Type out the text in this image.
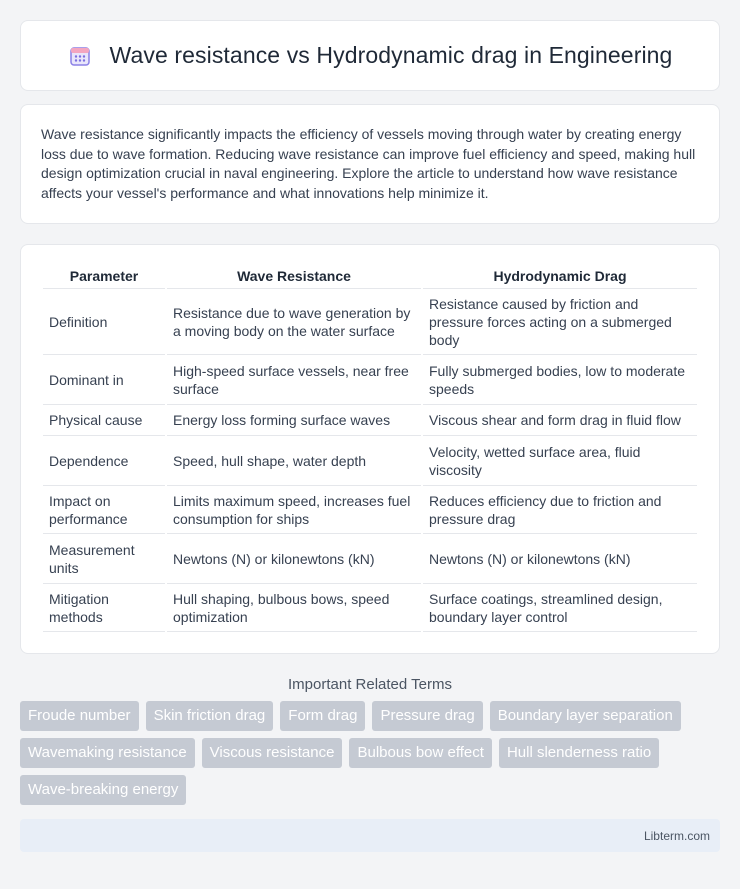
Wave resistance vs Hydrodynamic drag in Engineering

Wave resistance significantly impacts the efficiency of vessels moving through water by creating energy loss due to wave formation. Reducing wave resistance can improve fuel efficiency and speed, making hull design optimization crucial in naval engineering. Explore the article to understand how wave resistance affects your vessel's performance and what innovations help minimize it.

Parameter	Wave Resistance	Hydrodynamic Drag
Definition	Resistance due to wave generation by a moving body on the water surface	Resistance caused by friction and pressure forces acting on a submerged body
Dominant in	High-speed surface vessels, near free surface	Fully submerged bodies, low to moderate speeds
Physical cause	Energy loss forming surface waves	Viscous shear and form drag in fluid flow
Dependence	Speed, hull shape, water depth	Velocity, wetted surface area, fluid viscosity
Impact on performance	Limits maximum speed, increases fuel consumption for ships	Reduces efficiency due to friction and pressure drag
Measurement units	Newtons (N) or kilonewtons (kN)	Newtons (N) or kilonewtons (kN)
Mitigation methods	Hull shaping, bulbous bows, speed optimization	Surface coatings, streamlined design, boundary layer control
Important Related Terms
Froude number	Skin friction drag	Form drag	Pressure drag	Boundary layer separation
Wavemaking resistance	Viscous resistance	Bulbous bow effect	Hull slenderness ratio
Wave-breaking energy
Libterm.com
